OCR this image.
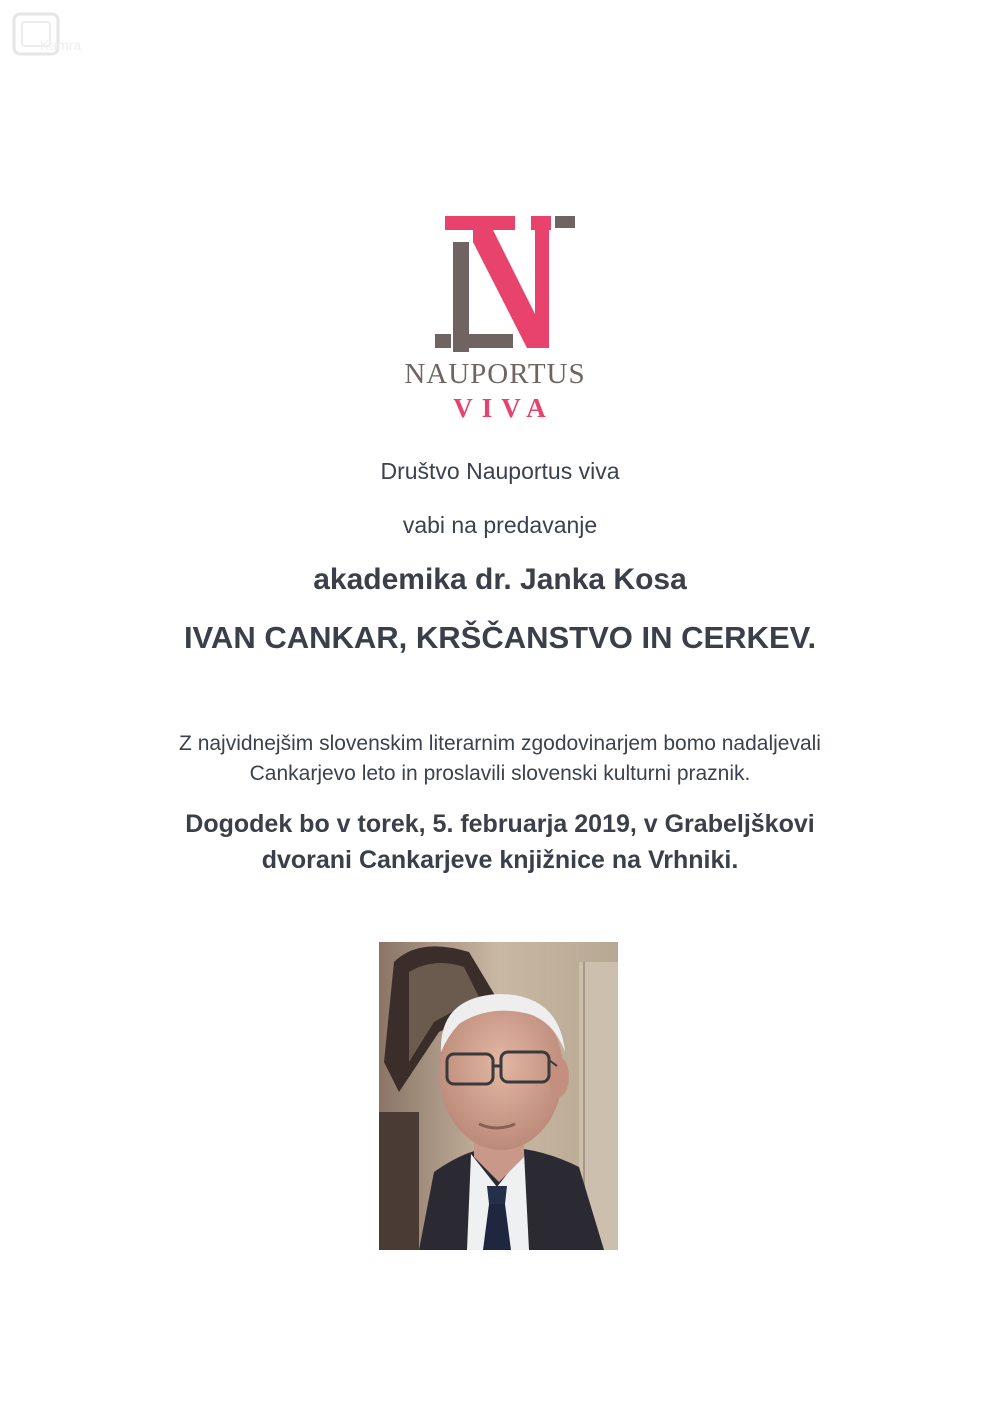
Kamra
NAUPORTUS
VIVA
Društvo Nauportus viva
vabi na predavanje
akademika dr. Janka Kosa
IVAN CANKAR, KRŠČANSTVO IN CERKEV.
Z najvidnejšim slovenskim literarnim zgodovinarjem bomo nadaljevali
Cankarjevo leto in proslavili slovenski kulturni praznik.
Dogodek bo v torek, 5. februarja 2019, v Grabeljškovi
dvorani Cankarjeve knjižnice na Vrhniki.
